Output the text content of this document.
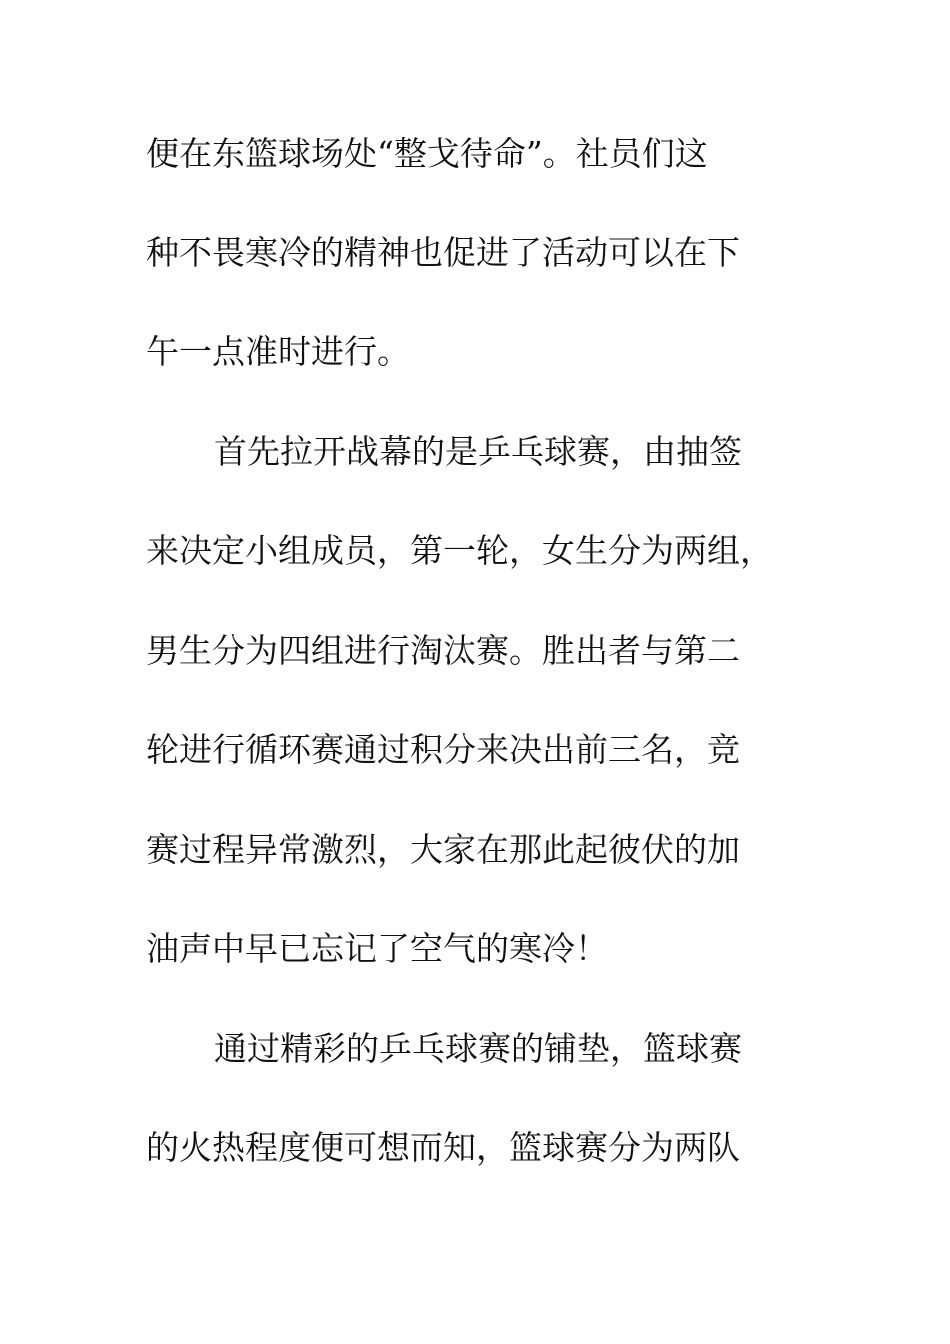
便在东篮球场处“整戈待命”。社员们这
种不畏寒冷的精神也促进了活动可以在下
午一点准时进行。
首先拉开战幕的是乒乓球赛，由抽签
来决定小组成员，第一轮，女生分为两组，
男生分为四组进行淘汰赛。胜出者与第二
轮进行循环赛通过积分来决出前三名，竞
赛过程异常激烈，大家在那此起彼伏的加
油声中早已忘记了空气的寒冷！
通过精彩的乒乓球赛的铺垫，篮球赛
的火热程度便可想而知，篮球赛分为两队
